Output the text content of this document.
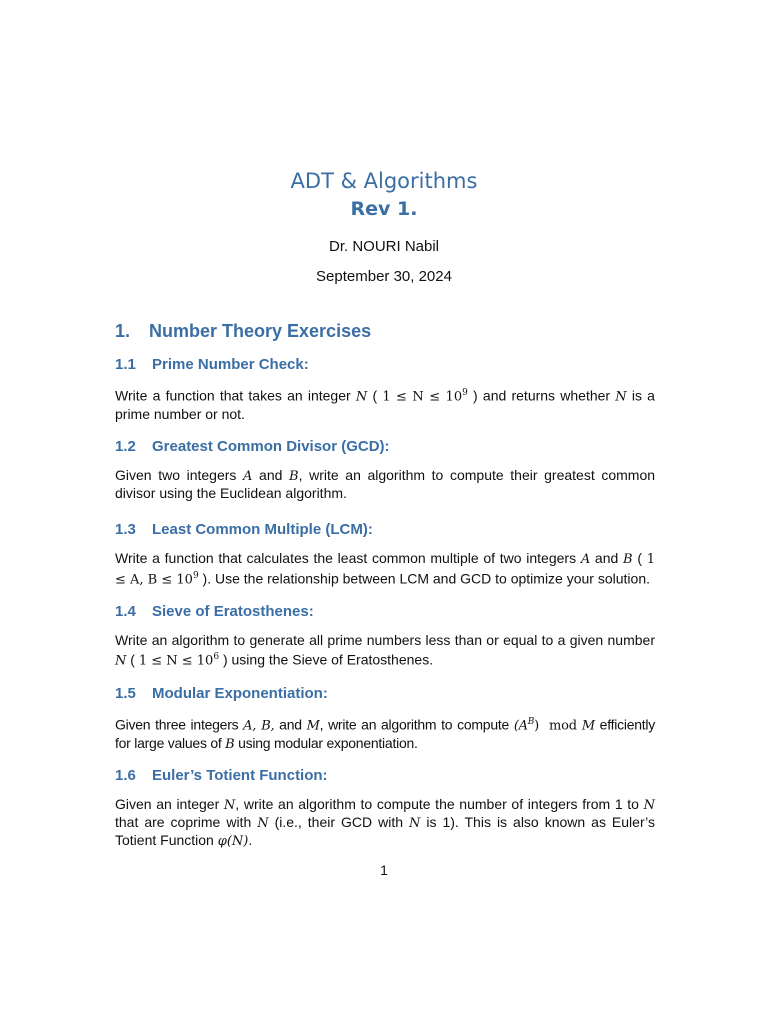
ADT & Algorithms
Rev 1.
Dr. NOURI Nabil
September 30, 2024
1. Number Theory Exercises
1.1 Prime Number Check:
Write a function that takes an integer N ( $1 \le N \le 10^9$ ) and returns whether N is a prime number or not.
1.2 Greatest Common Divisor (GCD):
Given two integers A and B, write an algorithm to compute their greatest common divisor using the Euclidean algorithm.
1.3 Least Common Multiple (LCM):
Write a function that calculates the least common multiple of two integers A and B ( 1 ≤ A, $B \le 10^9$ ). Use the relationship between LCM and GCD to optimize your solution.
1.4 Sieve of Eratosthenes:
Write an algorithm to generate all prime numbers less than or equal to a given number N ( $1 \le N \le 10^6$ ) using the Sieve of Eratosthenes.
1.5 Modular Exponentiation:
Given three integers A, B, and M, write an algorithm to compute $(A^B)$  mod M efficiently for large values of B using modular exponentiation.
1.6 Euler’s Totient Function:
Given an integer N, write an algorithm to compute the number of integers from 1 to N that are coprime with N (i.e., their GCD with N is 1). This is also known as Euler’s Totient Function φ(N).
1
